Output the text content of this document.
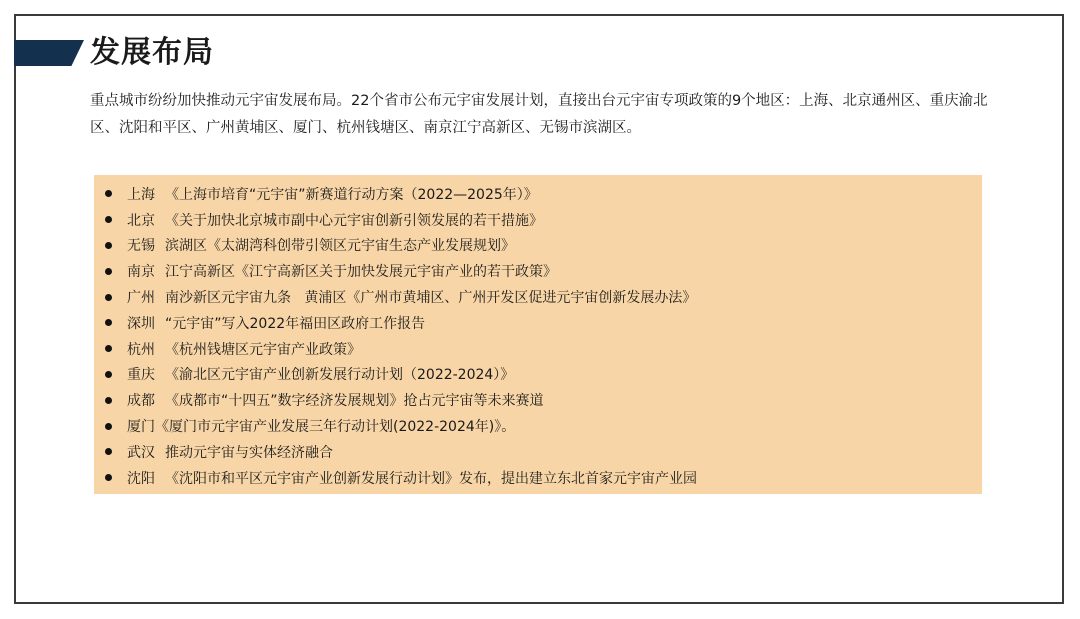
发展布局
重点城市纷纷加快推动元宇宙发展布局。22个省市公布元宇宙发展计划，直接出台元宇宙专项政策的9个地区：上海、北京通州区、重庆渝北区、沈阳和平区、广州黄埔区、厦门、杭州钱塘区、南京江宁高新区、无锡市滨湖区。
上海 《上海市培育“元宇宙”新赛道行动方案（2022—2025年）》
北京 《关于加快北京城市副中心元宇宙创新引领发展的若干措施》
无锡 滨湖区《太湖湾科创带引领区元宇宙生态产业发展规划》
南京 江宁高新区《江宁高新区关于加快发展元宇宙产业的若干政策》
广州 南沙新区元宇宙九条   黄浦区《广州市黄埔区、广州开发区促进元宇宙创新发展办法》
深圳 “元宇宙”写入2022年福田区政府工作报告
杭州 《杭州钱塘区元宇宙产业政策》
重庆 《渝北区元宇宙产业创新发展行动计划（2022-2024）》
成都 《成都市“十四五”数字经济发展规划》抢占元宇宙等未来赛道
厦门 《厦门市元宇宙产业发展三年行动计划(2022-2024年)》。
武汉 推动元宇宙与实体经济融合
沈阳 《沈阳市和平区元宇宙产业创新发展行动计划》发布，提出建立东北首家元宇宙产业园
